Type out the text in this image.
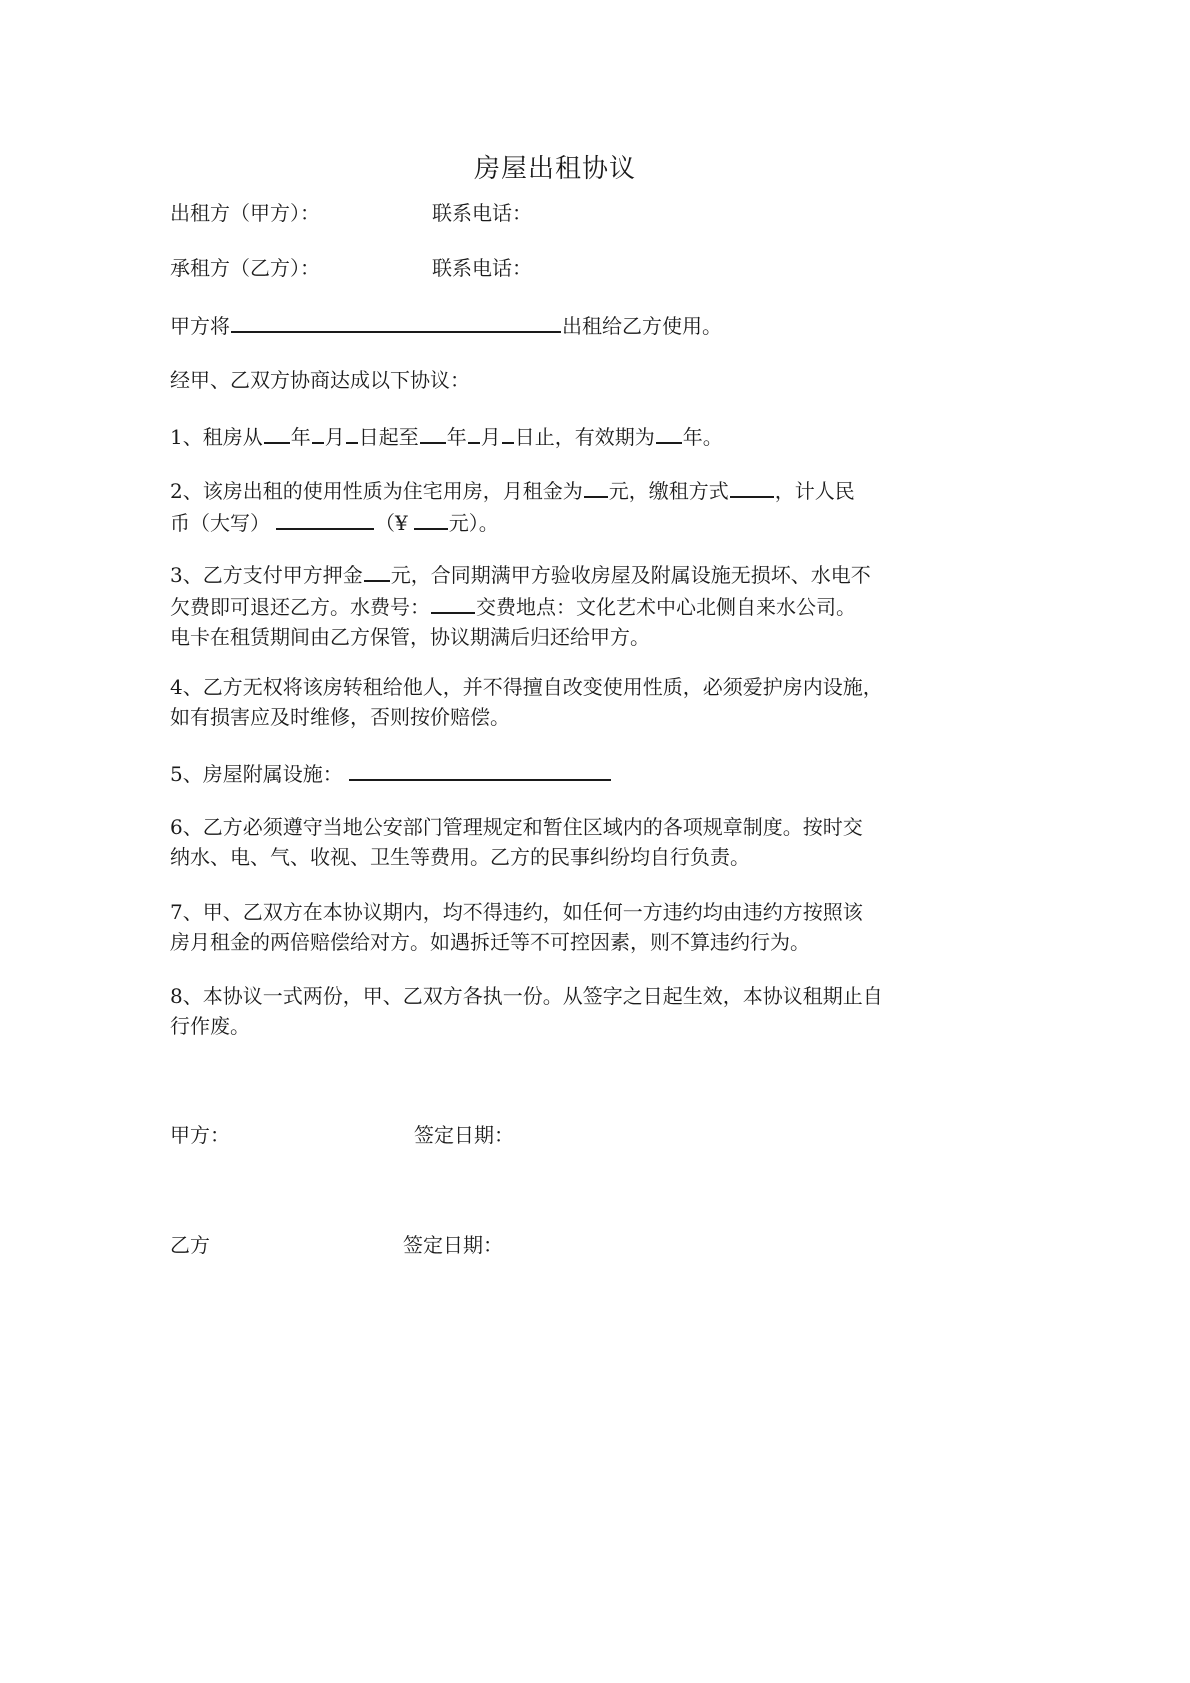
房屋出租协议
出租方（甲方）：	联系电话：
承租方（乙方）：	联系电话：
甲方将	出租给乙方使用。
经甲、乙双方协商达成以下协议：
1、租房从 年 月 日起至 年 月 日止，有效期为 年。
2、该房出租的使用性质为住宅用房，月租金为 元，缴租方式 ，计人民
币（大写）	（¥ 元）。
3、乙方支付甲方押金 元，合同期满甲方验收房屋及附属设施无损坏、水电不
欠费即可退还乙方。水费号： 交费地点：文化艺术中心北侧自来水公司。
电卡在租赁期间由乙方保管，协议期满后归还给甲方。
4、乙方无权将该房转租给他人，并不得擅自改变使用性质，必须爱护房内设施，
如有损害应及时维修，否则按价赔偿。
5、房屋附属设施：
6、乙方必须遵守当地公安部门管理规定和暂住区域内的各项规章制度。按时交
纳水、电、气、收视、卫生等费用。乙方的民事纠纷均自行负责。
7、甲、乙双方在本协议期内，均不得违约，如任何一方违约均由违约方按照该
房月租金的两倍赔偿给对方。如遇拆迁等不可控因素，则不算违约行为。
8、本协议一式两份，甲、乙双方各执一份。从签字之日起生效，本协议租期止自
行作废。
甲方：	签定日期：
乙方	签定日期：
